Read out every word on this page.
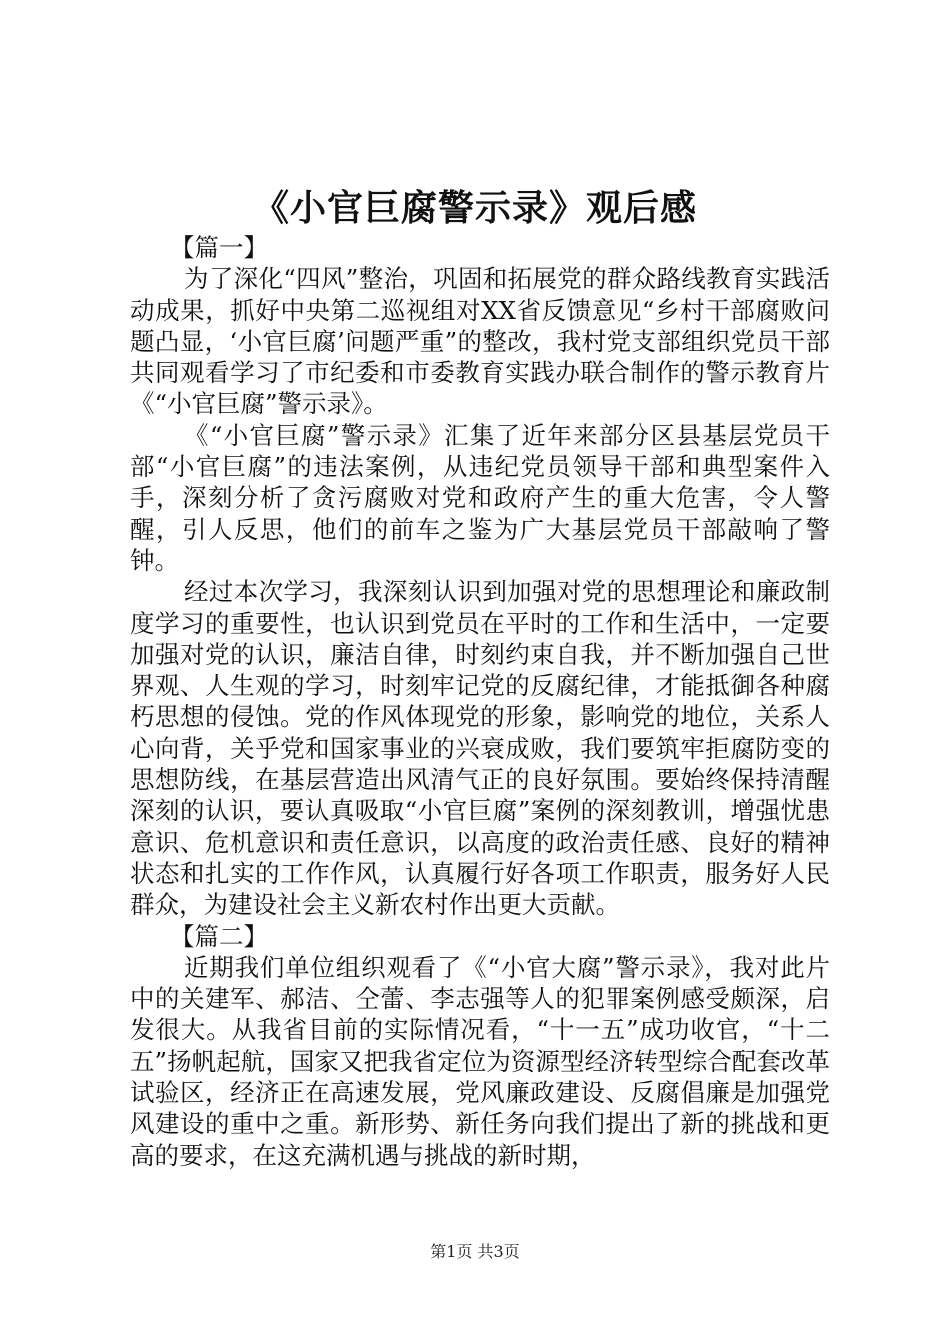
《小官巨腐警示录》观后感

【篇一】

为了深化“四风”整治，巩固和拓展党的群众路线教育实践活动成果，抓好中央第二巡视组对XX省反馈意见“乡村干部腐败问题凸显，‘小官巨腐’问题严重”的整改，我村党支部组织党员干部共同观看学习了市纪委和市委教育实践办联合制作的警示教育片《“小官巨腐”警示录》。

《“小官巨腐”警示录》汇集了近年来部分区县基层党员干部“小官巨腐”的违法案例，从违纪党员领导干部和典型案件入手，深刻分析了贪污腐败对党和政府产生的重大危害，令人警醒，引人反思，他们的前车之鉴为广大基层党员干部敲响了警钟。

经过本次学习，我深刻认识到加强对党的思想理论和廉政制度学习的重要性，也认识到党员在平时的工作和生活中，一定要加强对党的认识，廉洁自律，时刻约束自我，并不断加强自己世界观、人生观的学习，时刻牢记党的反腐纪律，才能抵御各种腐朽思想的侵蚀。党的作风体现党的形象，影响党的地位，关系人心向背，关乎党和国家事业的兴衰成败，我们要筑牢拒腐防变的思想防线，在基层营造出风清气正的良好氛围。要始终保持清醒深刻的认识，要认真吸取“小官巨腐”案例的深刻教训，增强忧患意识、危机意识和责任意识，以高度的政治责任感、良好的精神状态和扎实的工作作风，认真履行好各项工作职责，服务好人民群众，为建设社会主义新农村作出更大贡献。

【篇二】

近期我们单位组织观看了《“小官大腐”警示录》，我对此片中的关建军、郝洁、仝蕾、李志强等人的犯罪案例感受颇深，启发很大。从我省目前的实际情况看，“十一五”成功收官，“十二五”扬帆起航，国家又把我省定位为资源型经济转型综合配套改革试验区，经济正在高速发展，党风廉政建设、反腐倡廉是加强党风建设的重中之重。新形势、新任务向我们提出了新的挑战和更高的要求，在这充满机遇与挑战的新时期，

第1页 共3页
